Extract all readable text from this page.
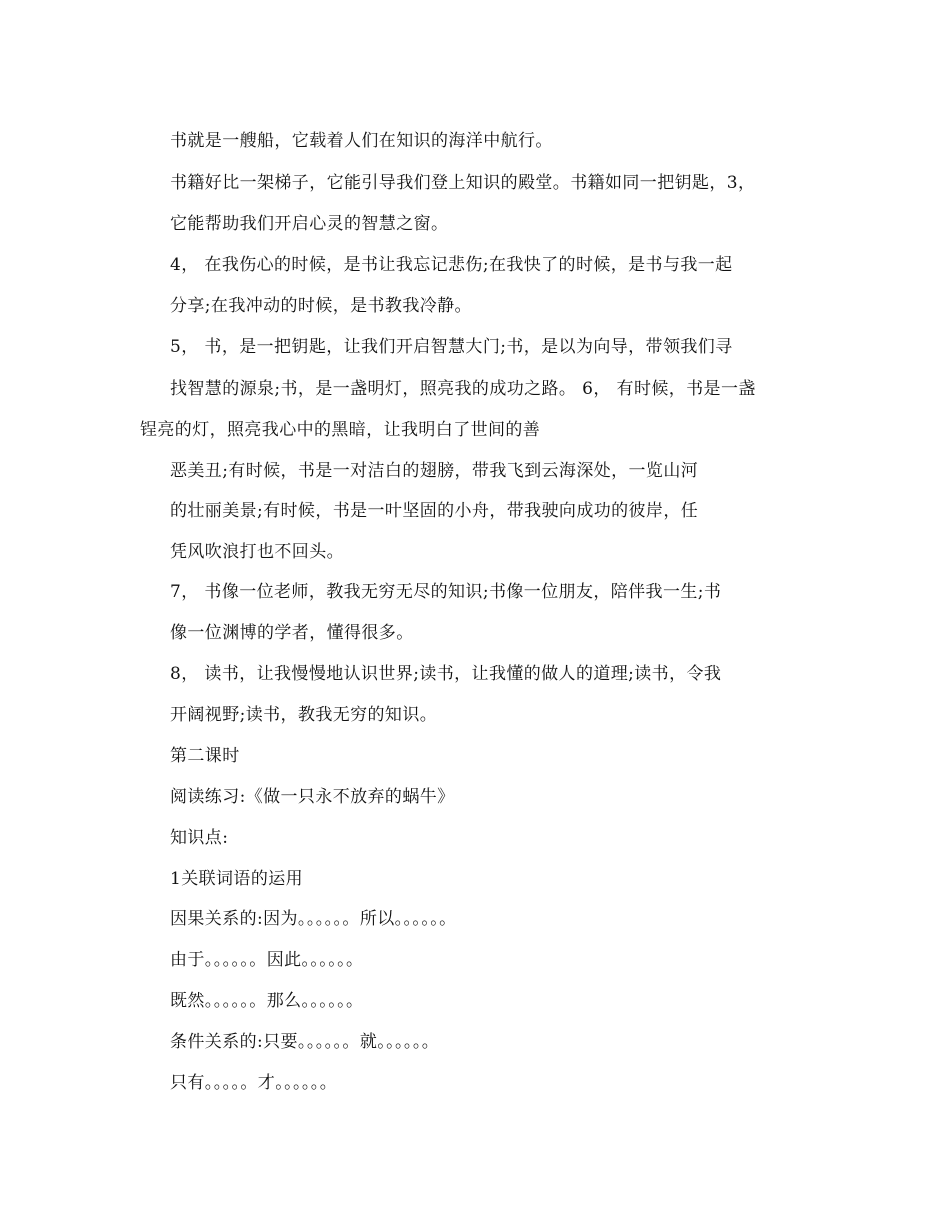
书就是一艘船，它载着人们在知识的海洋中航行。
书籍好比一架梯子，它能引导我们登上知识的殿堂。书籍如同一把钥匙，3，
它能帮助我们开启心灵的智慧之窗。
4， 在我伤心的时候，是书让我忘记悲伤;在我快了的时候，是书与我一起
分享;在我冲动的时候，是书教我冷静。
5， 书，是一把钥匙，让我们开启智慧大门;书，是以为向导，带领我们寻
找智慧的源泉;书，是一盏明灯，照亮我的成功之路。 6， 有时候，书是一盏
锃亮的灯，照亮我心中的黑暗，让我明白了世间的善
恶美丑;有时候，书是一对洁白的翅膀，带我飞到云海深处，一览山河
的壮丽美景;有时候，书是一叶坚固的小舟，带我驶向成功的彼岸，任
凭风吹浪打也不回头。
7， 书像一位老师，教我无穷无尽的知识;书像一位朋友，陪伴我一生;书
像一位渊博的学者，懂得很多。
8， 读书，让我慢慢地认识世界;读书，让我懂的做人的道理;读书，令我
开阔视野;读书，教我无穷的知识。
第二课时
阅读练习:《做一只永不放弃的蜗牛》
知识点:
1关联词语的运用
因果关系的:因为。。。。。。所以。。。。。。
由于。。。。。。因此。。。。。。
既然。。。。。。那么。。。。。。
条件关系的:只要。。。。。。就。。。。。。
只有。。。。。才。。。。。。
